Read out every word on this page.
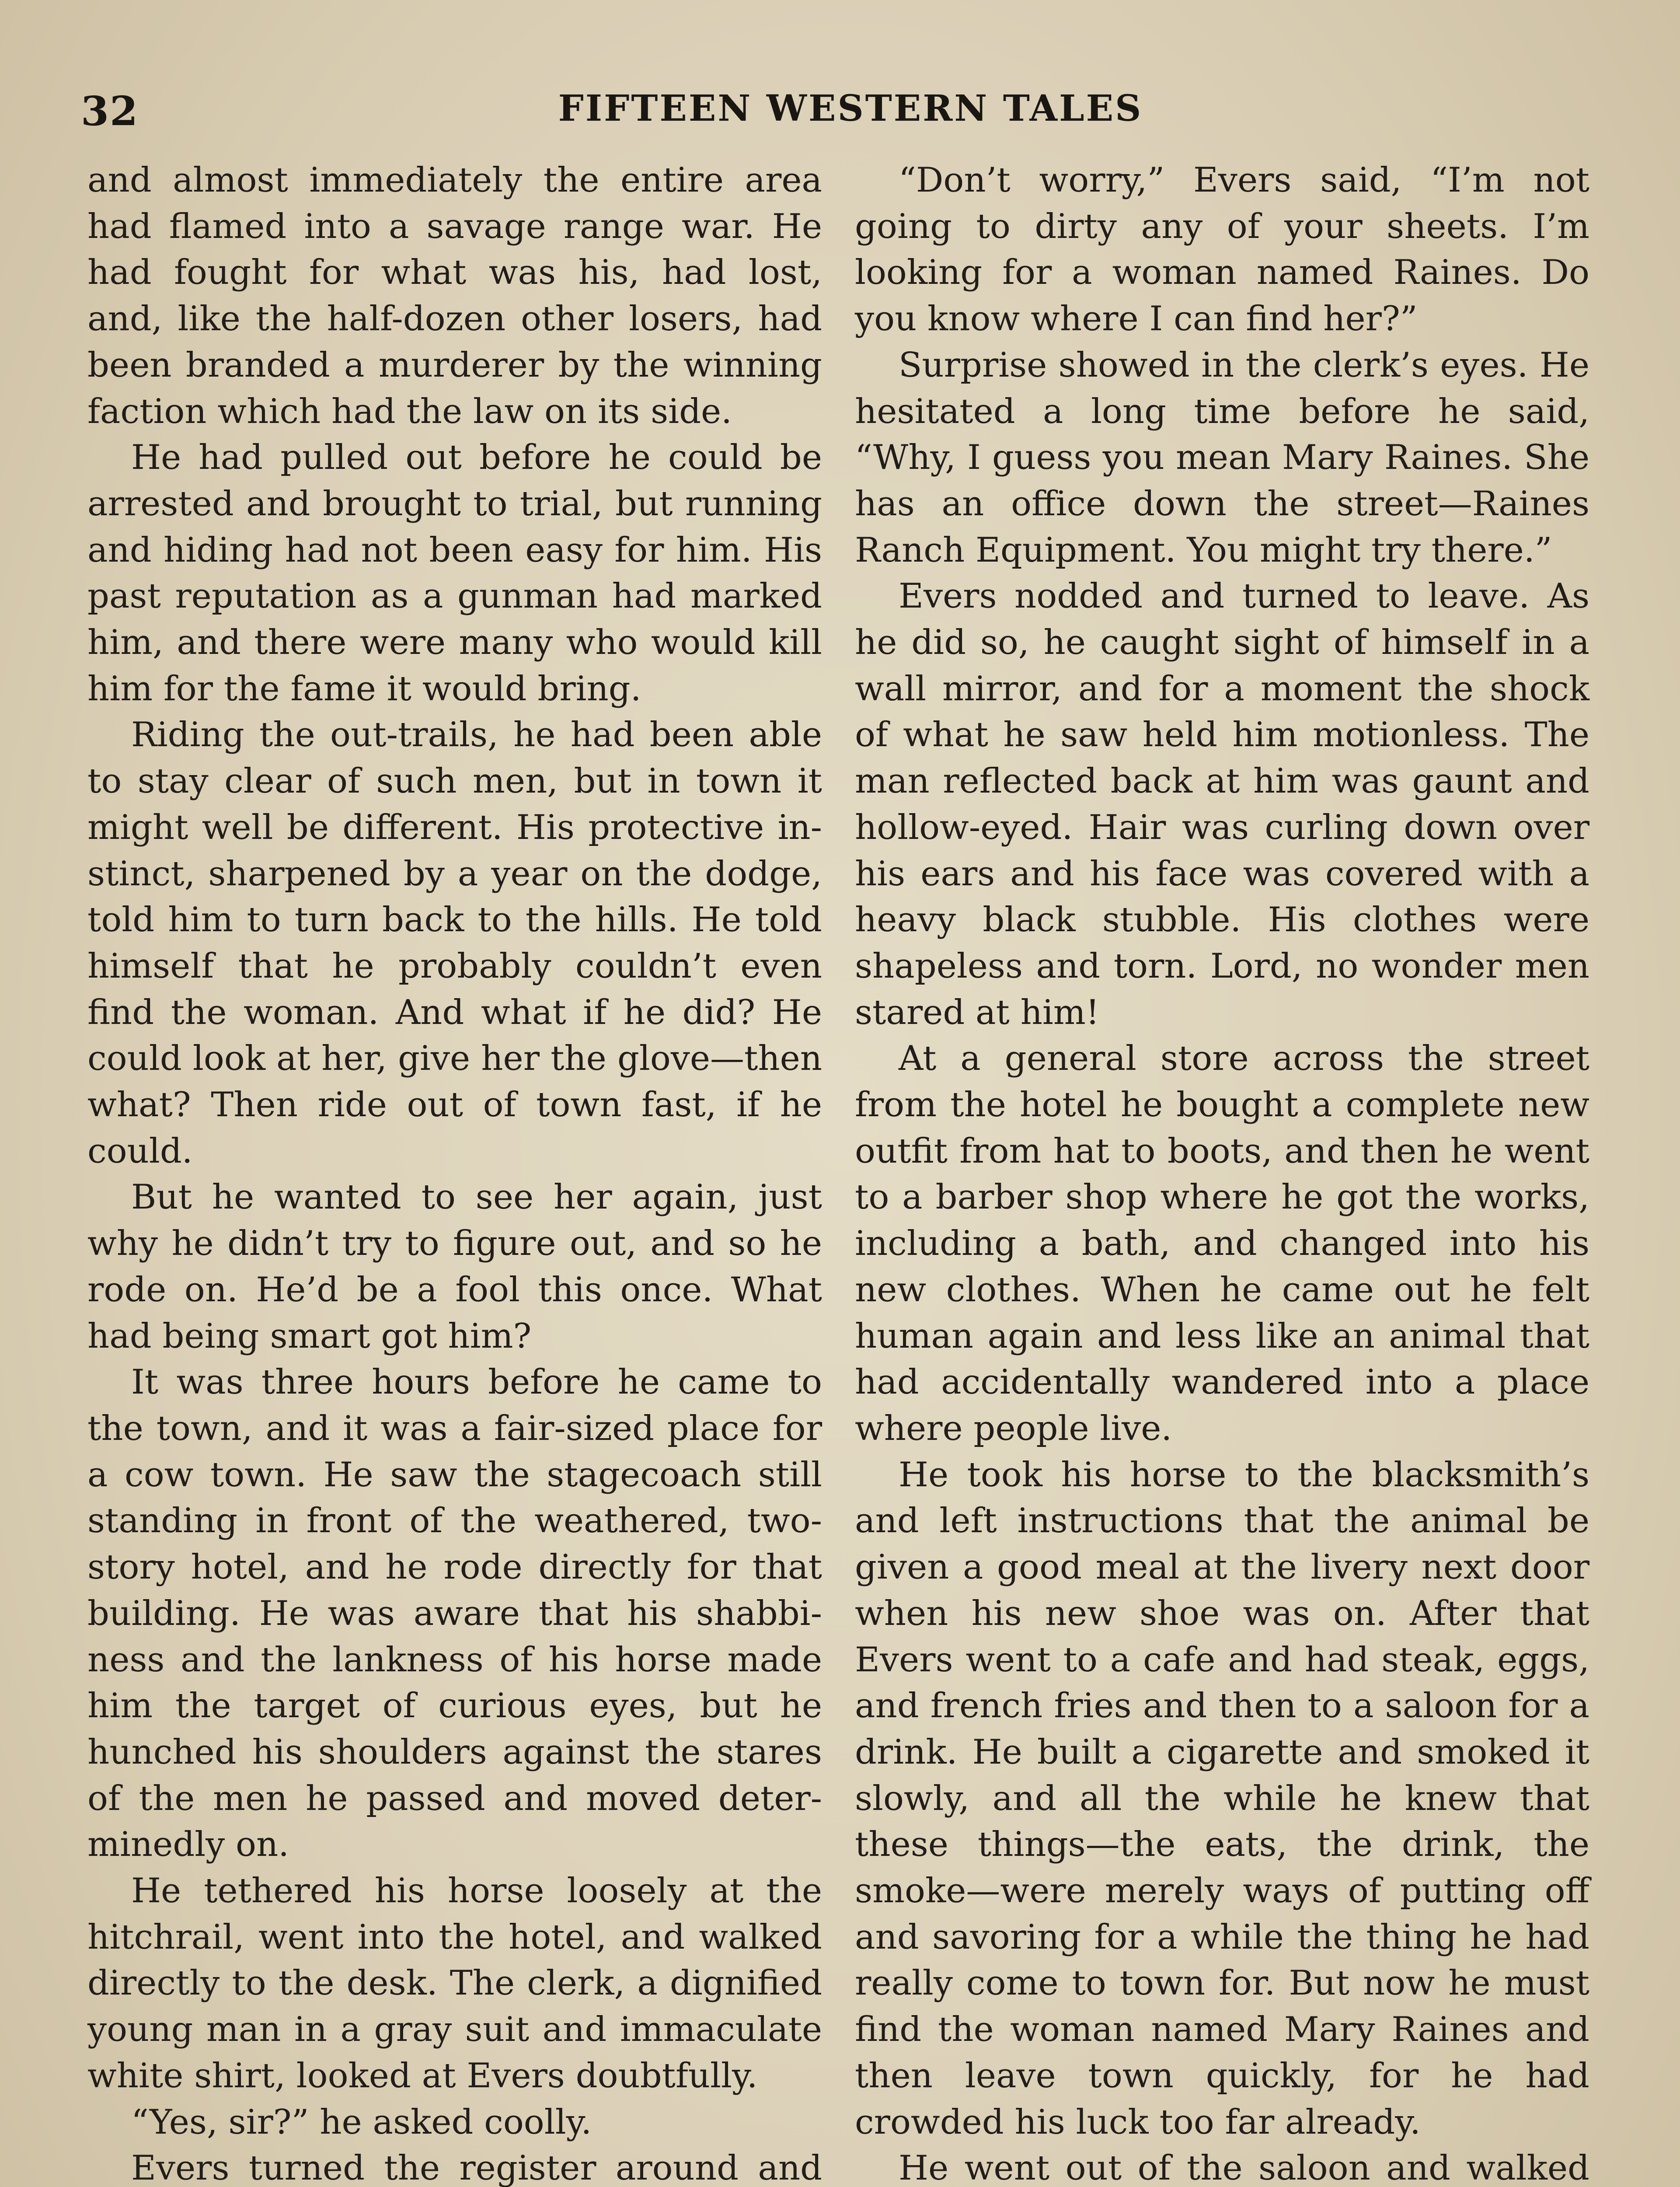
32	FIFTEEN WESTERN TALES

and almost immediately the entire area had flamed into a savage range war. He had fought for what was his, had lost, and, like the half-dozen other losers, had been branded a murderer by the winning faction which had the law on its side.

He had pulled out before he could be arrested and brought to trial, but running and hiding had not been easy for him. His past reputation as a gunman had marked him, and there were many who would kill him for the fame it would bring.

Riding the out-trails, he had been able to stay clear of such men, but in town it might well be different. His protective instinct, sharpened by a year on the dodge, told him to turn back to the hills. He told himself that he probably couldn’t even find the woman. And what if he did? He could look at her, give her the glove—then what? Then ride out of town fast, if he could.

But he wanted to see her again, just why he didn’t try to figure out, and so he rode on. He’d be a fool this once. What had being smart got him?

It was three hours before he came to the town, and it was a fair-sized place for a cow town. He saw the stagecoach still standing in front of the weathered, two-story hotel, and he rode directly for that building. He was aware that his shabbiness and the lankness of his horse made him the target of curious eyes, but he hunched his shoulders against the stares of the men he passed and moved determinedly on.

He tethered his horse loosely at the hitchrail, went into the hotel, and walked directly to the desk. The clerk, a dignified young man in a gray suit and immaculate white shirt, looked at Evers doubtfully.

“Yes, sir?” he asked coolly.

Evers turned the register around and

“Don’t worry,” Evers said, “I’m not going to dirty any of your sheets. I’m looking for a woman named Raines. Do you know where I can find her?”

Surprise showed in the clerk’s eyes. He hesitated a long time before he said, “Why, I guess you mean Mary Raines. She has an office down the street—Raines Ranch Equipment. You might try there.”

Evers nodded and turned to leave. As he did so, he caught sight of himself in a wall mirror, and for a moment the shock of what he saw held him motionless. The man reflected back at him was gaunt and hollow-eyed. Hair was curling down over his ears and his face was covered with a heavy black stubble. His clothes were shapeless and torn. Lord, no wonder men stared at him!

At a general store across the street from the hotel he bought a complete new outfit from hat to boots, and then he went to a barber shop where he got the works, including a bath, and changed into his new clothes. When he came out he felt human again and less like an animal that had accidentally wandered into a place where people live.

He took his horse to the blacksmith’s and left instructions that the animal be given a good meal at the livery next door when his new shoe was on. After that Evers went to a cafe and had steak, eggs, and french fries and then to a saloon for a drink. He built a cigarette and smoked it slowly, and all the while he knew that these things—the eats, the drink, the smoke—were merely ways of putting off and savoring for a while the thing he had really come to town for. But now he must find the woman named Mary Raines and then leave town quickly, for he had crowded his luck too far already.

He went out of the saloon and walked
